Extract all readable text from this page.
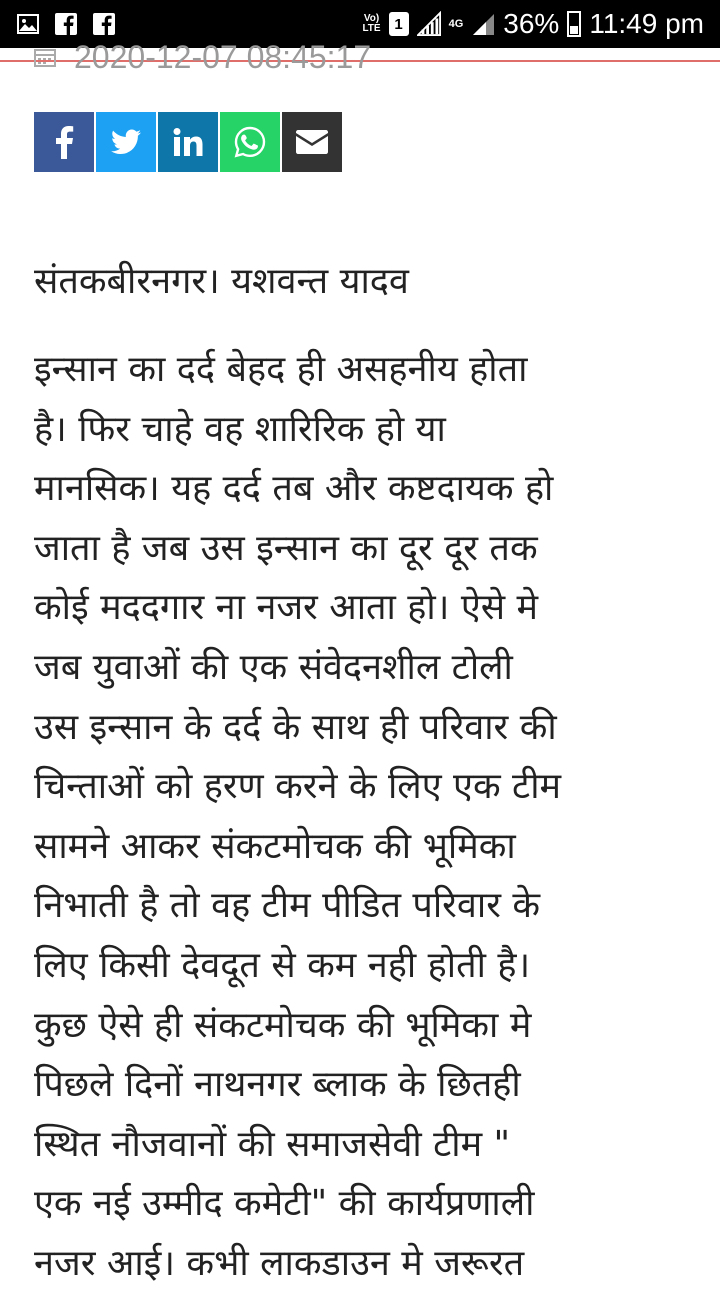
Vo)
LTE 1	4G 36% 11:49 pm
2020-12-07 08:45:17
संतकबीरनगर। यशवन्त यादव
इन्सान का दर्द बेहद ही असहनीय होता
है। फिर चाहे वह शारिरिक हो या
मानसिक। यह दर्द तब और कष्टदायक हो
जाता है जब उस इन्सान का दूर दूर तक
कोई मददगार ना नजर आता हो। ऐसे मे
जब युवाओं की एक संवेदनशील टोली
उस इन्सान के दर्द के साथ ही परिवार की
चिन्ताओं को हरण करने के लिए एक टीम
सामने आकर संकटमोचक की भूमिका
निभाती है तो वह टीम पीडित परिवार के
लिए किसी देवदूत से कम नही होती है।
कुछ ऐसे ही संकटमोचक की भूमिका मे
पिछले दिनों नाथनगर ब्लाक के छितही
स्थित नौजवानों की समाजसेवी टीम "
एक नई उम्मीद कमेटी" की कार्यप्रणाली
नजर आई। कभी लाकडाउन मे जरूरत
